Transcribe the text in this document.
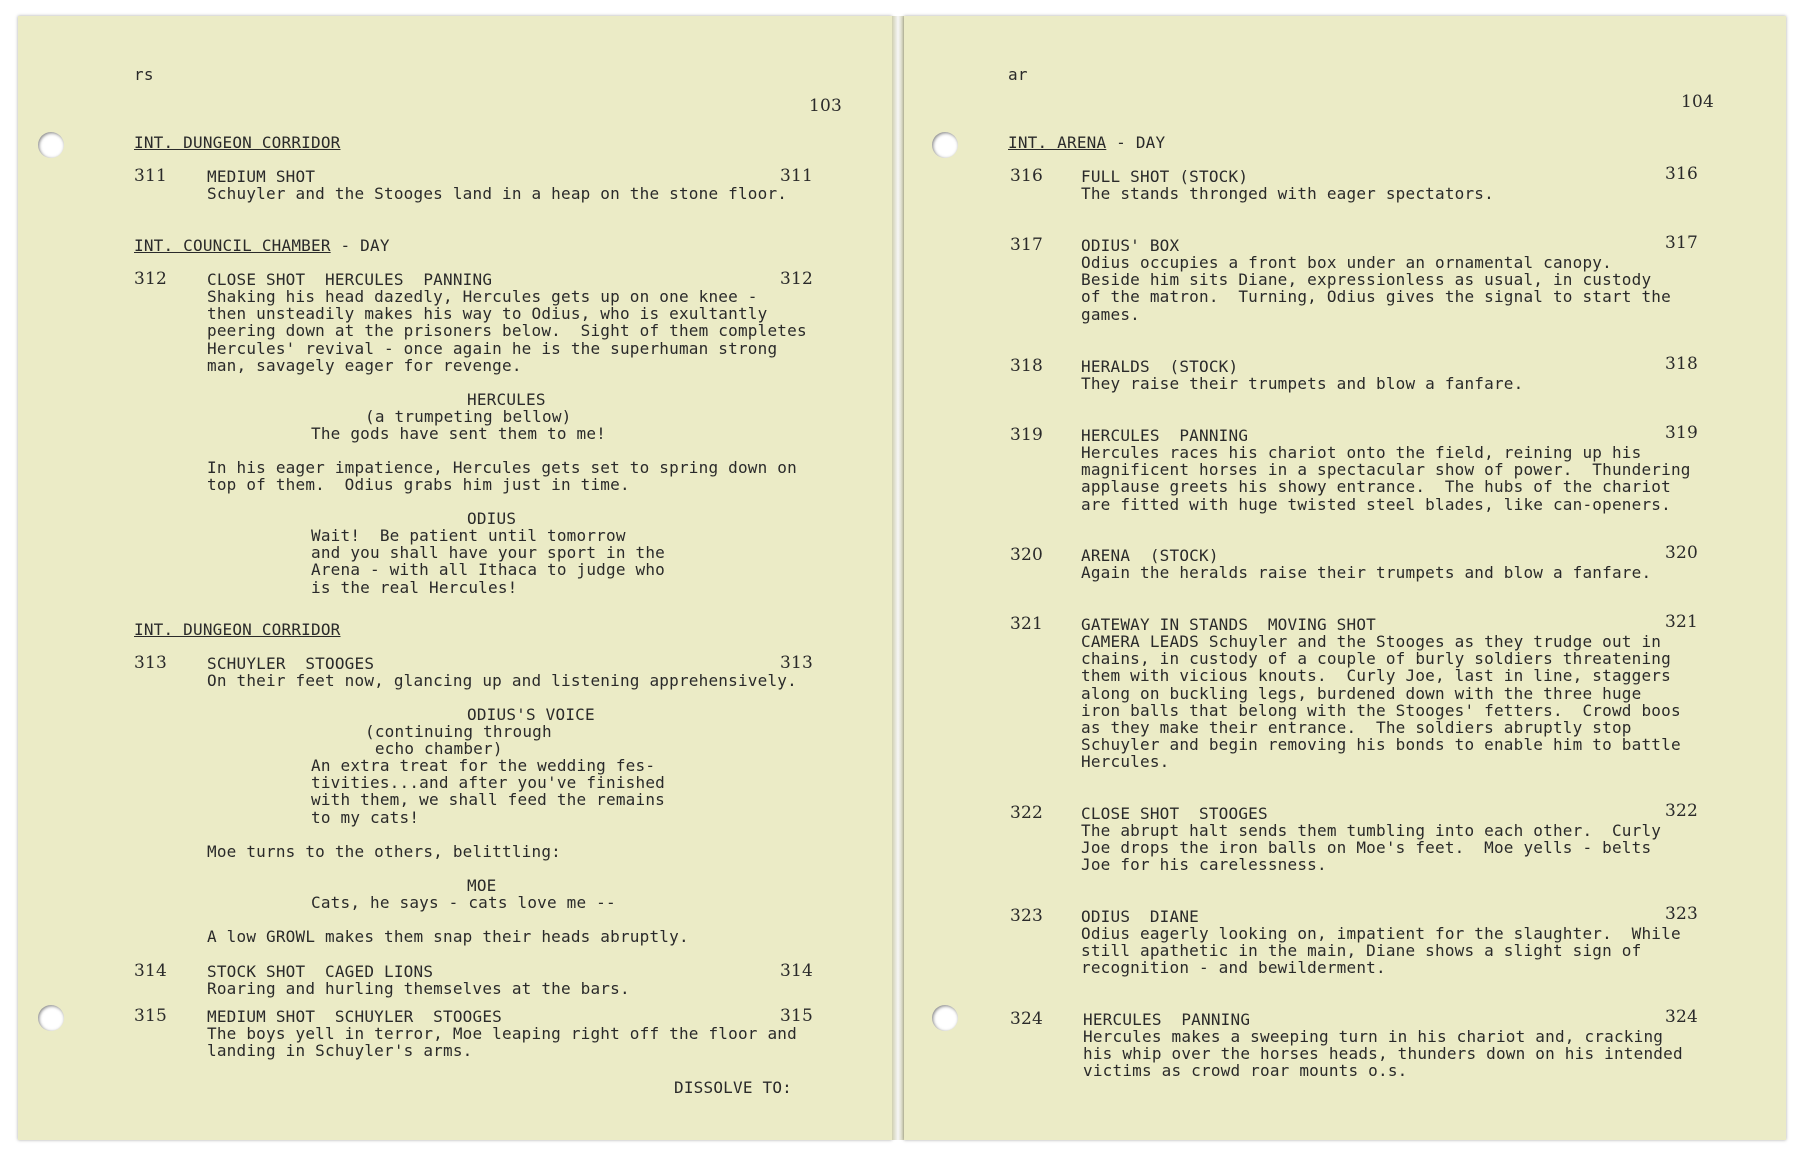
rs
103
INT. DUNGEON CORRIDOR
311 MEDIUM SHOT	311
Schuyler and the Stooges land in a heap on the stone floor.
INT. COUNCIL CHAMBER - DAY
312 CLOSE SHOT  HERCULES  PANNING	312
Shaking his head dazedly, Hercules gets up on one knee -
then unsteadily makes his way to Odius, who is exultantly
peering down at the prisoners below.  Sight of them completes
Hercules' revival - once again he is the superhuman strong
man, savagely eager for revenge.
HERCULES
(a trumpeting bellow)
The gods have sent them to me!
In his eager impatience, Hercules gets set to spring down on
top of them.  Odius grabs him just in time.
ODIUS
Wait!  Be patient until tomorrow
and you shall have your sport in the
Arena - with all Ithaca to judge who
is the real Hercules!
INT. DUNGEON CORRIDOR
313 SCHUYLER  STOOGES	313
On their feet now, glancing up and listening apprehensively.
ODIUS'S VOICE
(continuing through
echo chamber)
An extra treat for the wedding fes-
tivities...and after you've finished
with them, we shall feed the remains
to my cats!
Moe turns to the others, belittling:
MOE
Cats, he says - cats love me --
A low GROWL makes them snap their heads abruptly.
314 STOCK SHOT  CAGED LIONS	314
Roaring and hurling themselves at the bars.
315 MEDIUM SHOT  SCHUYLER  STOOGES	315
The boys yell in terror, Moe leaping right off the floor and
landing in Schuyler's arms.
DISSOLVE TO:
ar
104
INT. ARENA - DAY
316 FULL SHOT (STOCK)	316
The stands thronged with eager spectators.
317 ODIUS' BOX	317
Odius occupies a front box under an ornamental canopy.
Beside him sits Diane, expressionless as usual, in custody
of the matron.  Turning, Odius gives the signal to start the
games.
318 HERALDS  (STOCK)	318
They raise their trumpets and blow a fanfare.
319 HERCULES  PANNING	319
Hercules races his chariot onto the field, reining up his
magnificent horses in a spectacular show of power.  Thundering
applause greets his showy entrance.  The hubs of the chariot
are fitted with huge twisted steel blades, like can-openers.
320 ARENA  (STOCK)	320
Again the heralds raise their trumpets and blow a fanfare.
321 GATEWAY IN STANDS  MOVING SHOT	321
CAMERA LEADS Schuyler and the Stooges as they trudge out in
chains, in custody of a couple of burly soldiers threatening
them with vicious knouts.  Curly Joe, last in line, staggers
along on buckling legs, burdened down with the three huge
iron balls that belong with the Stooges' fetters.  Crowd boos
as they make their entrance.  The soldiers abruptly stop
Schuyler and begin removing his bonds to enable him to battle
Hercules.
322 CLOSE SHOT  STOOGES	322
The abrupt halt sends them tumbling into each other.  Curly
Joe drops the iron balls on Moe's feet.  Moe yells - belts
Joe for his carelessness.
323 ODIUS  DIANE	323
Odius eagerly looking on, impatient for the slaughter.  While
still apathetic in the main, Diane shows a slight sign of
recognition - and bewilderment.
324 HERCULES  PANNING	324
Hercules makes a sweeping turn in his chariot and, cracking
his whip over the horses heads, thunders down on his intended
victims as crowd roar mounts o.s.
